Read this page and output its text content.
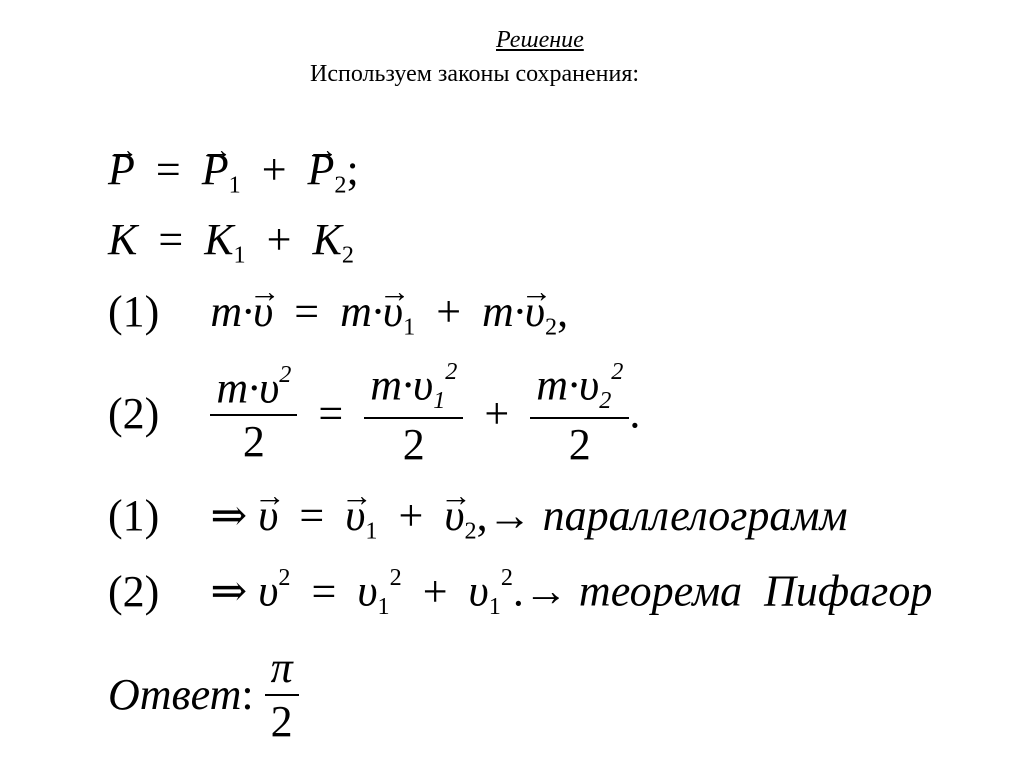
Решение
Используем законы сохранения:
→ P = → $P_1$ + → $P_2$;
$K = K_1 + K_2$
(1) $m\cdot\to \upsilon = m\cdot\to \upsilon_1 + m\cdot\to \upsilon_2$,
$(2) \frac{m\cdot\upsilon^2}{2} = \frac{m\cdot\upsilon_1^2}{2} + \frac{m\cdot\upsilon_2^2}{2}$ .
(1) ⇒ → υ = → $\upsilon_1$ + → $\upsilon_2,\to$ параллелограмм
(2) ⇒ $\upsilon^2 = \upsilon_1^2 + \upsilon_1^2.\to$ теорема  Пифагор
Ответ: $\frac{\pi}{2}$
